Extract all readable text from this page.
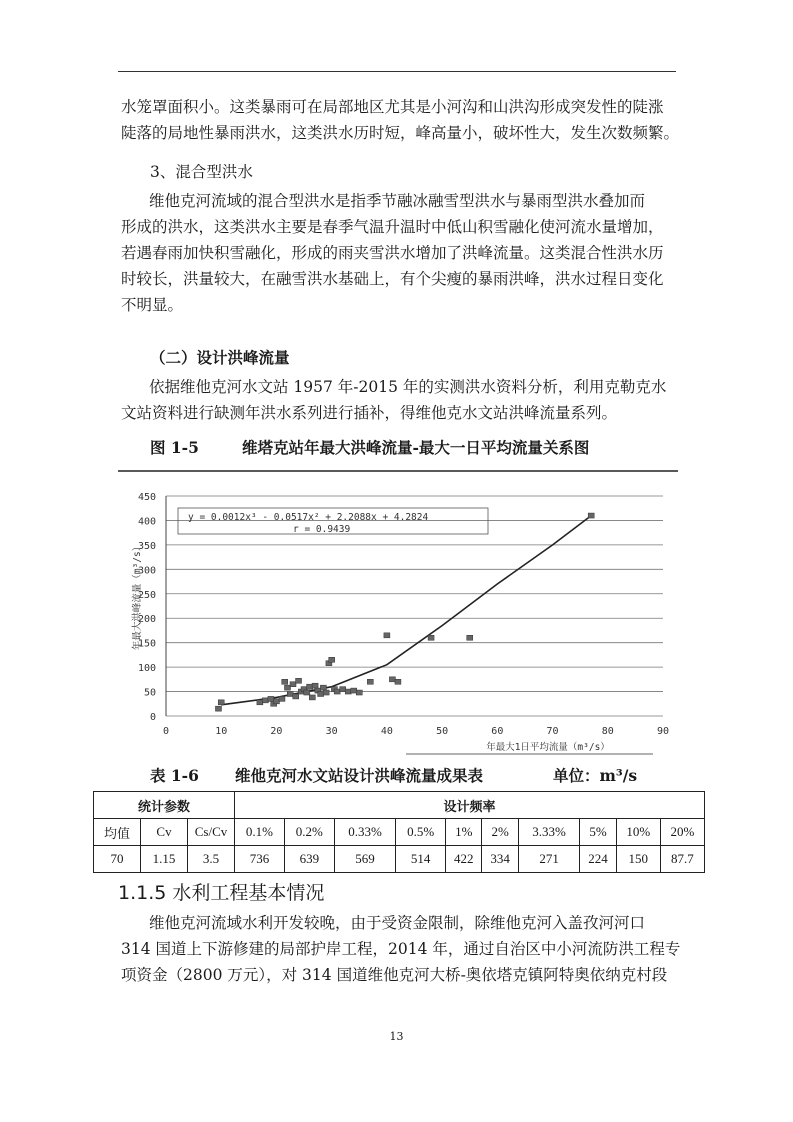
水笼罩面积小。这类暴雨可在局部地区尤其是小河沟和山洪沟形成突发性的陡涨
陡落的局地性暴雨洪水，这类洪水历时短，峰高量小，破坏性大，发生次数频繁。

3、混合型洪水

维他克河流域的混合型洪水是指季节融冰融雪型洪水与暴雨型洪水叠加而
形成的洪水，这类洪水主要是春季气温升温时中低山积雪融化使河流水量增加，
若遇春雨加快积雪融化，形成的雨夹雪洪水增加了洪峰流量。这类混合性洪水历
时较长，洪量较大，在融雪洪水基础上，有个尖瘦的暴雨洪峰，洪水过程日变化
不明显。

（二）设计洪峰流量

依据维他克河水文站 1957 年-2015 年的实测洪水资料分析，利用克勒克水
文站资料进行缺测年洪水系列进行插补，得维他克水文站洪峰流量系列。

图 1-5	维塔克站年最大洪峰流量-最大一日平均流量关系图
0
50
100
150
200
250
300
350
400
450
0	10	20	30	40	50	60	70	80	90
y = 0.0012x³ - 0.0517x² + 2.2088x + 4.2824
r = 0.9439
年最大洪峰流量（m³/s）
年最大1日平均流量（m³/s）
表 1-6 维他克河水文站设计洪峰流量成果表	单位：m³/s
统计参数			设计频率									
均值	Cv	Cs/Cv	0.1%	0.2%	0.33%	0.5%	1%	2%	3.33%	5%	10%	20%
70	1.15	3.5	736	639	569	514	422	334	271	224	150	87.7
1.1.5 水利工程基本情况

维他克河流域水利开发较晚，由于受资金限制，除维他克河入盖孜河河口
314 国道上下游修建的局部护岸工程，2014 年，通过自治区中小河流防洪工程专
项资金（2800 万元），对 314 国道维他克河大桥-奥依塔克镇阿特奥依纳克村段

13
